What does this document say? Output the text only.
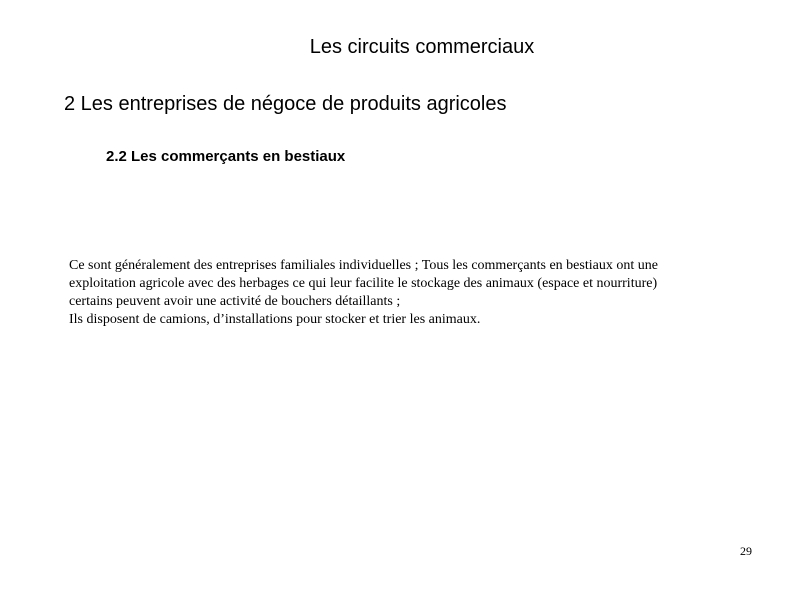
Les circuits commerciaux
2 Les entreprises de négoce de produits agricoles
2.2 Les commerçants en bestiaux
Ce sont généralement des entreprises familiales individuelles ; Tous les commerçants en bestiaux ont une
exploitation agricole avec des herbages ce qui leur facilite le stockage des animaux (espace et nourriture)
certains peuvent avoir une activité de bouchers détaillants ;
Ils disposent de camions, d’installations pour stocker et trier les animaux.
29
